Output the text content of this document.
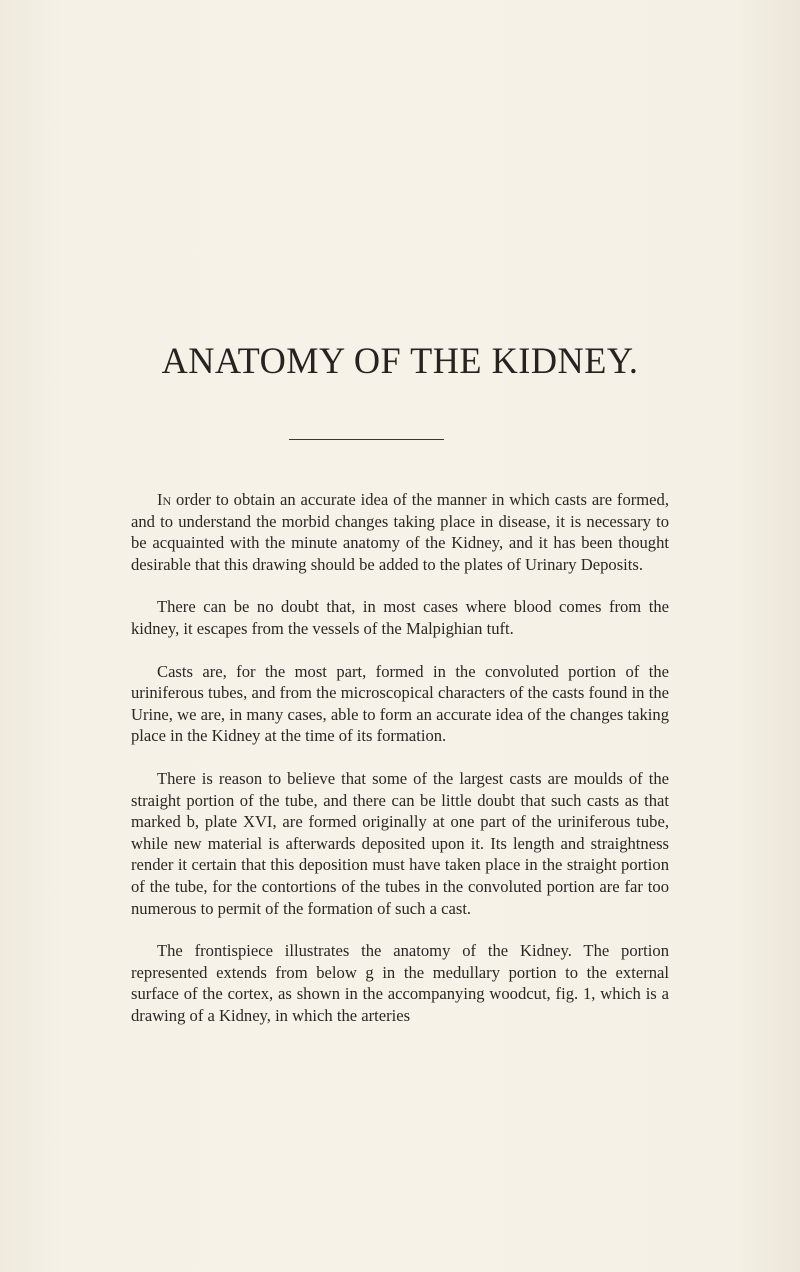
ANATOMY OF THE KIDNEY.

In order to obtain an accurate idea of the manner in which casts are formed, and to understand the morbid changes taking place in disease, it is necessary to be acquainted with the minute anatomy of the Kidney, and it has been thought desirable that this drawing should be added to the plates of Urinary Deposits.

There can be no doubt that, in most cases where blood comes from the kidney, it escapes from the vessels of the Malpighian tuft.

Casts are, for the most part, formed in the convoluted portion of the uriniferous tubes, and from the microscopical characters of the casts found in the Urine, we are, in many cases, able to form an accurate idea of the changes taking place in the Kidney at the time of its formation.

There is reason to believe that some of the largest casts are moulds of the straight portion of the tube, and there can be little doubt that such casts as that marked b, plate XVI, are formed originally at one part of the uriniferous tube, while new material is afterwards deposited upon it. Its length and straightness render it certain that this deposition must have taken place in the straight portion of the tube, for the contortions of the tubes in the convoluted portion are far too numerous to permit of the formation of such a cast.

The frontispiece illustrates the anatomy of the Kidney. The portion represented extends from below g in the medullary portion to the external surface of the cortex, as shown in the accompanying woodcut, fig. 1, which is a drawing of a Kidney, in which the arteries
